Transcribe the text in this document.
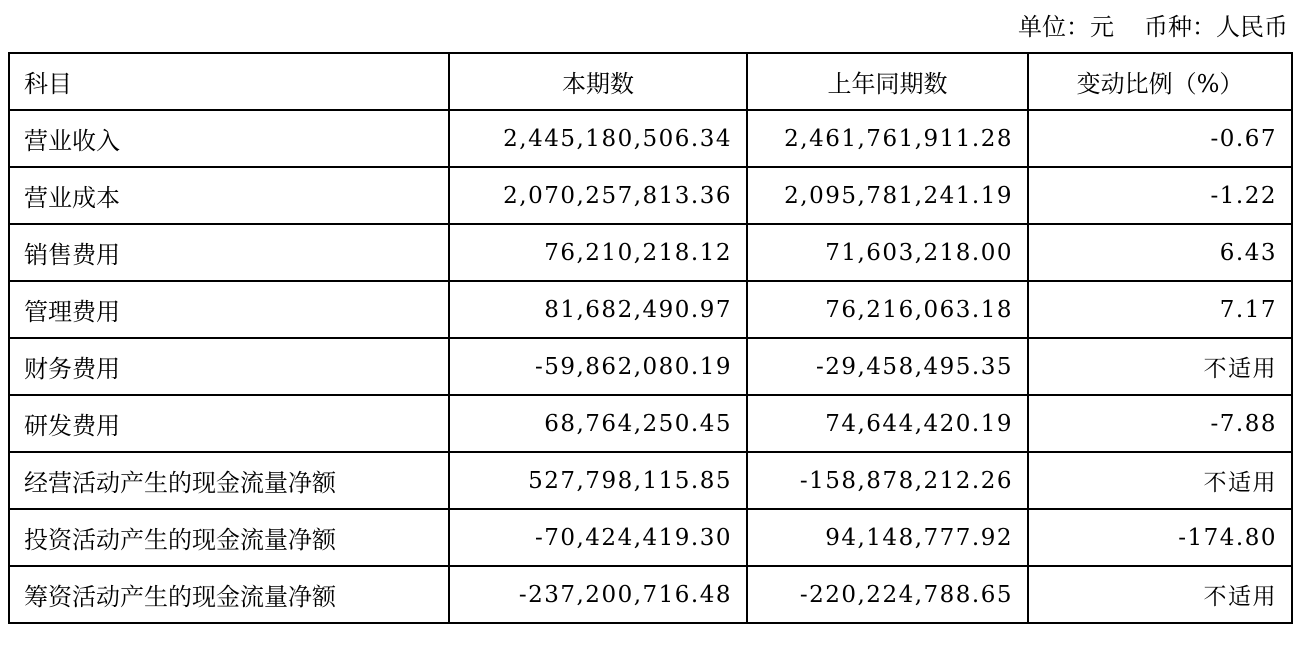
单位：元 币种：人民币
科目	本期数	上年同期数	变动比例（%）
营业收入	2,445,180,506.34	2,461,761,911.28	-0.67
营业成本	2,070,257,813.36	2,095,781,241.19	-1.22
销售费用	76,210,218.12	71,603,218.00	6.43
管理费用	81,682,490.97	76,216,063.18	7.17
财务费用	-59,862,080.19	-29,458,495.35	不适用
研发费用	68,764,250.45	74,644,420.19	-7.88
经营活动产生的现金流量净额	527,798,115.85	-158,878,212.26	不适用
投资活动产生的现金流量净额	-70,424,419.30	94,148,777.92	-174.80
筹资活动产生的现金流量净额	-237,200,716.48	-220,224,788.65	不适用
